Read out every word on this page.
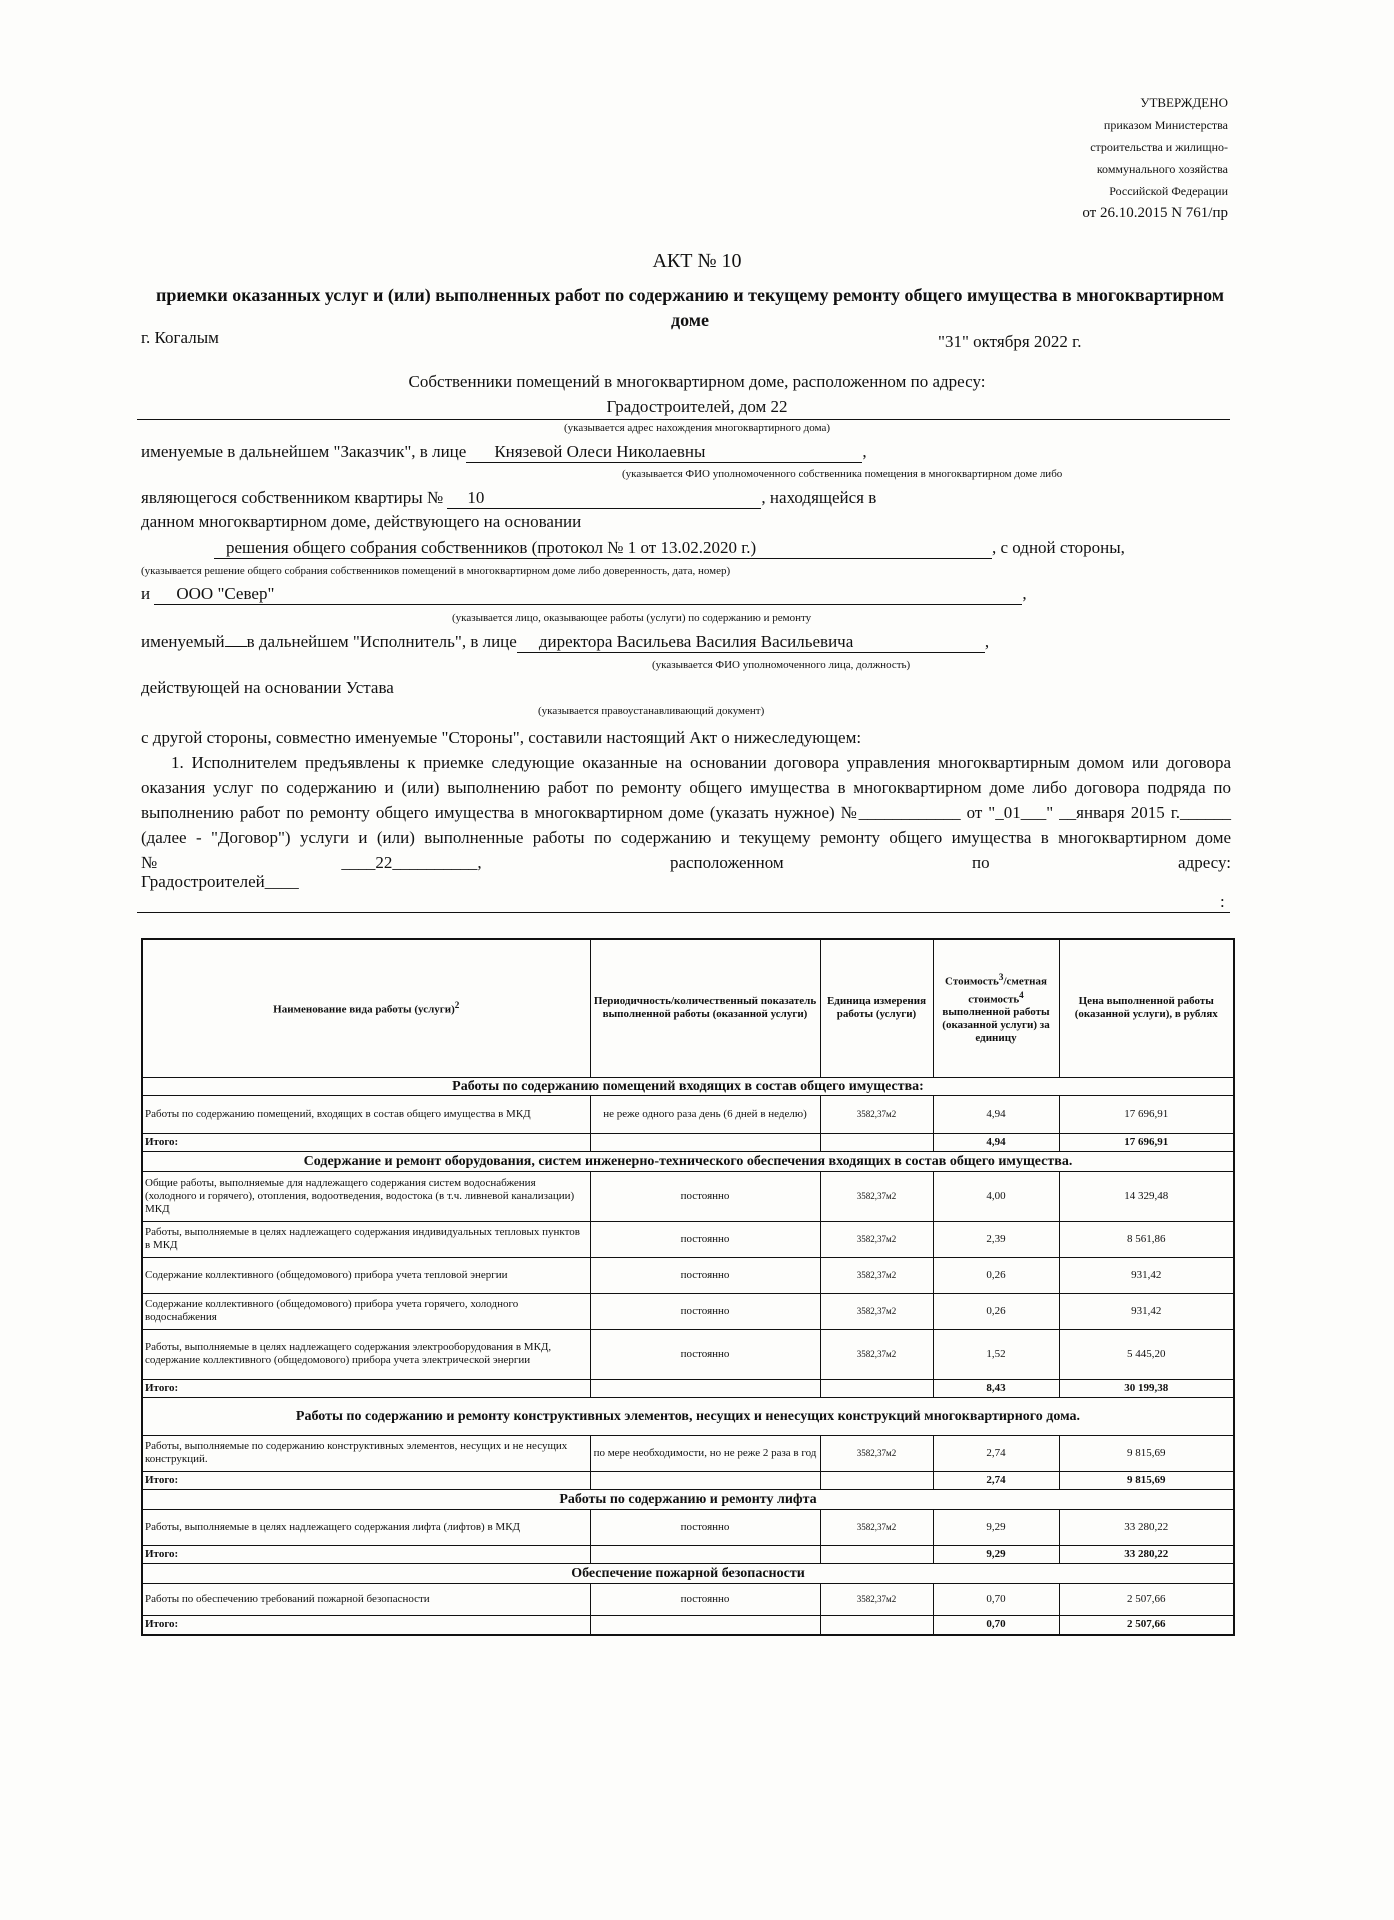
УТВЕРЖДЕНО
приказом Министерства
строительства и жилищно-
коммунального хозяйства
Российской Федерации
от 26.10.2015 N 761/пр
АКТ № 10
приемки оказанных услуг и (или) выполненных работ по содержанию и текущему ремонту общего имущества в многоквартирном доме
г. Когалым	"31" октября 2022 г.
Собственники помещений в многоквартирном доме, расположенном по адресу:
Градостроителей, дом 22
(указывается адрес нахождения многоквартирного дома)
именуемые в дальнейшем "Заказчик", в лице Князевой Олеси Николаевны	,
(указывается ФИО уполномоченного собственника помещения в многоквартирном доме либо
являющегося собственником квартиры № 10	, находящейся в
данном многоквартирном доме, действующего на основании
решения общего собрания собственников (протокол № 1 от 13.02.2020 г.)	, с одной стороны,
(указывается решение общего собрания собственников помещений в многоквартирном доме либо доверенность, дата, номер)
и ООО "Север"	,
(указывается лицо, оказывающее работы (услуги) по содержанию и ремонту
именуемый в дальнейшем "Исполнитель", в лице директора Васильева Василия Васильевича	,
(указывается ФИО уполномоченного лица, должность)
действующей на основании Устава
(указывается правоустанавливающий документ)
с другой стороны, совместно именуемые "Стороны", составили настоящий Акт о нижеследующем:
1. Исполнителем предъявлены к приемке следующие оказанные на основании договора управления многоквартирным домом или договора оказания услуг по содержанию и (или) выполнению работ по ремонту общего имущества в многоквартирном доме либо договора подряда по выполнению работ по ремонту общего имущества в многоквартирном доме (указать нужное) №____________ от "_01___" __января 2015 г.______ (далее - "Договор") услуги и (или) выполненные работы по содержанию и текущему ремонту общего имущества в многоквартирном доме №____22__________, расположенном по адресу:
Градостроителей____
:
Наименование вида работы (услуги)$^2$	Периодичность/количественный показатель выполненной работы (оказанной услуги)	Единица измерения работы (услуги)	Стоимость$^3$/сметная стоимость$^4$ выполненной работы (оказанной услуги) за единицу	Цена выполненной работы (оказанной услуги), в рублях
Работы по содержанию помещений входящих в состав общего имущества:				
Работы по содержанию помещений, входящих в состав общего имущества в МКД	не реже одного раза день (6 дней в неделю)	3582,37м2	4,94	17 696,91
Итого:			4,94	17 696,91
Содержание и ремонт оборудования, систем инженерно-технического обеспечения входящих в состав общего имущества.				
Общие работы, выполняемые для надлежащего содержания систем водоснабжения (холодного и горячего), отопления, водоотведения, водостока (в т.ч. ливневой канализации) МКД	постоянно	3582,37м2	4,00	14 329,48
Работы, выполняемые в целях надлежащего содержания индивидуальных тепловых пунктов в МКД	постоянно	3582,37м2	2,39	8 561,86
Содержание коллективного (общедомового) прибора учета тепловой энергии	постоянно	3582,37м2	0,26	931,42
Содержание коллективного (общедомового) прибора учета горячего, холодного водоснабжения	постоянно	3582,37м2	0,26	931,42
Работы, выполняемые в целях надлежащего содержания электрооборудования в МКД, содержание коллективного (общедомового) прибора учета электрической энергии	постоянно	3582,37м2	1,52	5 445,20
Итого:			8,43	30 199,38
Работы по содержанию и ремонту конструктивных элементов, несущих и ненесущих конструкций многоквартирного дома.				
Работы, выполняемые по содержанию конструктивных элементов, несущих и не несущих конструкций.	по мере необходимости, но не реже 2 раза в год	3582,37м2	2,74	9 815,69
Итого:			2,74	9 815,69
Работы по содержанию и ремонту лифта				
Работы, выполняемые в целях надлежащего содержания лифта (лифтов) в МКД	постоянно	3582,37м2	9,29	33 280,22
Итого:			9,29	33 280,22
Обеспечение пожарной безопасности				
Работы по обеспечению требований пожарной безопасности	постоянно	3582,37м2	0,70	2 507,66
Итого:			0,70	2 507,66
